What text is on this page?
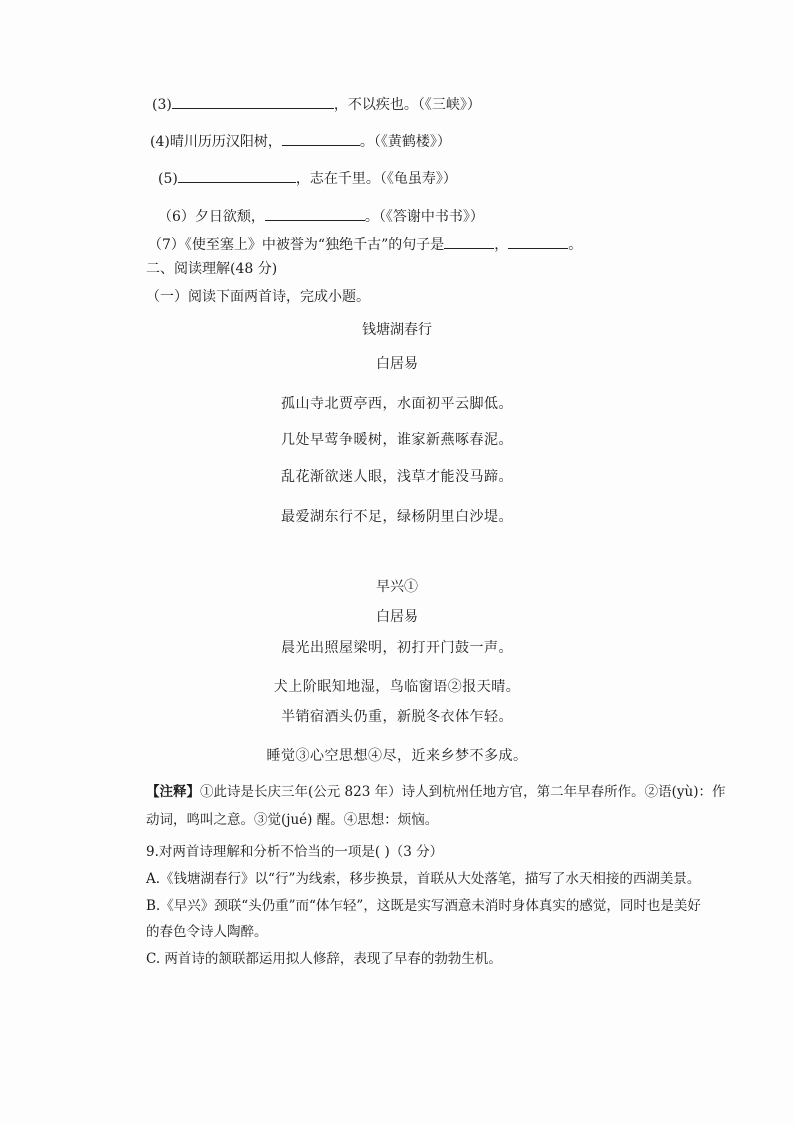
(3)	，不以疾也。（《三峡》）
(4)晴川历历汉阳树，	。（《黄鹤楼》）
(5)	，志在千里。（《龟虽寿》）
（6）夕日欲颓，	。（《答谢中书书》）
（7）《使至塞上》中被誉为“独绝千古”的句子是	，	。
二、阅读理解(48 分)
（一）阅读下面两首诗，完成小题。
钱塘湖春行
白居易
孤山寺北贾亭西，水面初平云脚低。
几处早莺争暖树，谁家新燕啄春泥。
乱花渐欲迷人眼，浅草才能没马蹄。
最爱湖东行不足，绿杨阴里白沙堤。
早兴①
白居易
晨光出照屋梁明，初打开门鼓一声。
犬上阶眠知地湿，鸟临窗语②报天晴。
半销宿酒头仍重，新脱冬衣体乍轻。
睡觉③心空思想④尽，近来乡梦不多成。
【注释】①此诗是长庆三年(公元 823 年）诗人到杭州任地方官，第二年早春所作。②语(yù)：作
动词，鸣叫之意。③觉(jué) 醒。④思想：烦恼。
9.对两首诗理解和分析不恰当的一项是( )（3 分）
A.《钱塘湖春行》以“行”为线索，移步换景，首联从大处落笔，描写了水天相接的西湖美景。
B.《早兴》颈联“头仍重”而“体乍轻”，这既是实写酒意未消时身体真实的感觉，同时也是美好
的春色令诗人陶醉。
C. 两首诗的颔联都运用拟人修辞，表现了早春的勃勃生机。
